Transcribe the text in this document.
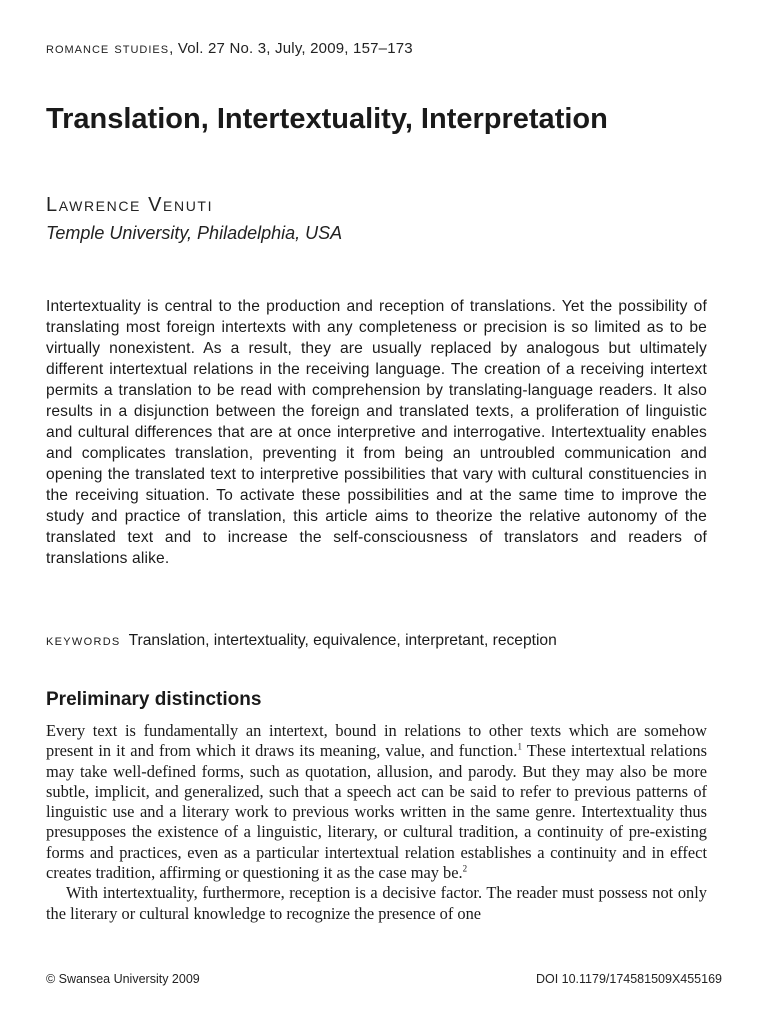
romance studies, Vol. 27 No. 3, July, 2009, 157–173
Translation, Intertextuality, Interpretation
Lawrence Venuti
Temple University, Philadelphia, USA

Intertextuality is central to the production and reception of translations. Yet the possibility of translating most foreign intertexts with any completeness or precision is so limited as to be virtually nonexistent. As a result, they are usually replaced by analogous but ultimately different intertextual relations in the receiving language. The creation of a receiving intertext permits a translation to be read with comprehension by translating-language readers. It also results in a disjunction between the foreign and translated texts, a proliferation of linguistic and cultural differences that are at once interpretive and interrogative. Intertextuality enables and complicates translation, preventing it from being an untroubled communication and opening the translated text to interpretive possibilities that vary with cultural constituencies in the receiving situation. To activate these possibilities and at the same time to improve the study and practice of translation, this article aims to theorize the relative autonomy of the translated text and to increase the self-consciousness of translators and readers of translations alike.

keywords Translation, intertextuality, equivalence, interpretant, reception
Preliminary distinctions

Every text is fundamentally an intertext, bound in relations to other texts which are somehow present in it and from which it draws its meaning, value, and function.$^1$ These intertextual relations may take well-defined forms, such as quotation, allusion, and parody. But they may also be more subtle, implicit, and generalized, such that a speech act can be said to refer to previous patterns of linguistic use and a literary work to previous works written in the same genre. Intertextuality thus presupposes the existence of a linguistic, literary, or cultural tradition, a continuity of pre-existing forms and practices, even as a particular intertextual relation establishes a continuity and in effect creates tradition, affirming or questioning it as the case may be.$^2$

With intertextuality, furthermore, reception is a decisive factor. The reader must possess not only the literary or cultural knowledge to recognize the presence of one

© Swansea University 2009	DOI 10.1179/174581509X455169
